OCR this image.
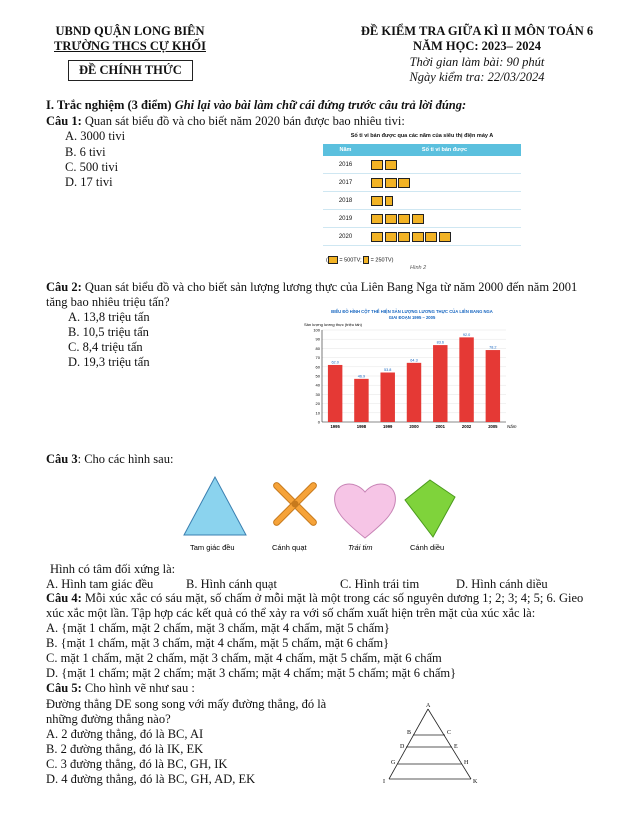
UBND QUẬN LONG BIÊN
TRƯỜNG THCS CỰ KHỐI
ĐỀ CHÍNH THỨC
ĐỀ KIỂM TRA GIỮA KÌ II MÔN TOÁN 6
NĂM HỌC: 2023– 2024
Thời gian làm bài: 90 phút
Ngày kiểm tra: 22/03/2024
I. Trắc nghiệm (3 điểm) Ghi lại vào bài làm chữ cái đứng trước câu trả lời đúng:
Câu 1: Quan sát biểu đồ và cho biết năm 2020 bán được bao nhiêu tivi:
A. 3000 tivi
B. 6 tivi
C. 500 tivi
D. 17 tivi
Số ti vi bán được qua các năm của siêu thị điện máy A
Năm	Số ti vi bán được
2016	
2017	
2018	
2019	
2020	
= 500TV; = 250TV)
Hình 2
Câu 2: Quan sát biểu đồ và cho biết sản lượng lương thực của Liên Bang Nga từ năm 2000 đến năm 2001
tăng bao nhiêu triệu tấn?
A. 13,8 triệu tấn
B. 10,5 triệu tấn
C. 8,4 triệu tấn
D. 19,3 triệu tấn
BIỂU ĐỒ HÌNH CỘT THỂ HIỆN SẢN LƯỢNG LƯƠNG THỰC CỦA LIÊN BANG NGA
GIAI ĐOẠN 1995 – 2005
Sản lượng lương thực (triệu tấn)
0
10
20
30
40
50
60
70
80
90
100
62.0
1995
46.9
1998
53.8
1999
64.3
2000
83.6
2001
92.0
2002
78.2
2005 Năm
Câu 3: Cho các hình sau:
Tam giác đều	Cánh quạt	Trái tim	Cánh diều
Hình có tâm đối xứng là:
A. Hình tam giác đều	B. Hình cánh quạt	C. Hình trái tim	D. Hình cánh diều
Câu 4: Mỗi xúc xắc có sáu mặt, số chấm ở mỗi mặt là một trong các số nguyên dương 1; 2; 3; 4; 5; 6. Gieo
xúc xắc một lần. Tập hợp các kết quả có thể xảy ra với số chấm xuất hiện trên mặt của xúc xắc là:
A. {mặt 1 chấm, mặt 2 chấm, mặt 3 chấm, mặt 4 chấm, mặt 5 chấm}
B. {mặt 1 chấm, mặt 3 chấm, mặt 4 chấm, mặt 5 chấm, mặt 6 chấm}
C. mặt 1 chấm, mặt 2 chấm, mặt 3 chấm, mặt 4 chấm, mặt 5 chấm, mặt 6 chấm
D. {mặt 1 chấm; mặt 2 chấm; mặt 3 chấm; mặt 4 chấm; mặt 5 chấm; mặt 6 chấm}
Câu 5: Cho hình vẽ như sau :
Đường thẳng DE song song với mấy đường thẳng, đó là
những đường thẳng nào?
A. 2 đường thẳng, đó là BC, AI
B. 2 đường thẳng, đó là IK, EK
C. 3 đường thẳng, đó là BC, GH, IK
D. 4 đường thẳng, đó là BC, GH, AD, EK
A
B	C
D	E
G	H
I	K
